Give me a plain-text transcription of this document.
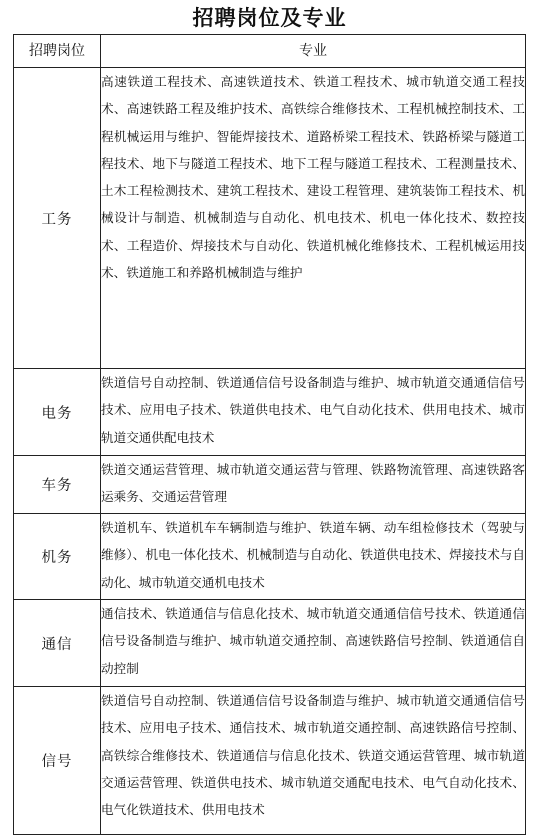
招聘岗位及专业
招聘岗位	专业
工务	高速铁道工程技术、高速铁道技术、铁道工程技术、城市轨道交通工程技术、高速铁路工程及维护技术、高铁综合维修技术、工程机械控制技术、工程机械运用与维护、智能焊接技术、道路桥梁工程技术、铁路桥梁与隧道工程技术、地下与隧道工程技术、地下工程与隧道工程技术、工程测量技术、土木工程检测技术、建筑工程技术、建设工程管理、建筑装饰工程技术、机械设计与制造、机械制造与自动化、机电技术、机电一体化技术、数控技术、工程造价、焊接技术与自动化、铁道机械化维修技术、工程机械运用技术、铁道施工和养路机械制造与维护
电务	铁道信号自动控制、铁道通信信号设备制造与维护、城市轨道交通通信信号技术、应用电子技术、铁道供电技术、电气自动化技术、供用电技术、城市轨道交通供配电技术
车务	铁道交通运营管理、城市轨道交通运营与管理、铁路物流管理、高速铁路客运乘务、交通运营管理
机务	铁道机车、铁道机车车辆制造与维护、铁道车辆、动车组检修技术（驾驶与维修）、机电一体化技术、机械制造与自动化、铁道供电技术、焊接技术与自动化、城市轨道交通机电技术
通信	通信技术、铁道通信与信息化技术、城市轨道交通通信信号技术、铁道通信信号设备制造与维护、城市轨道交通控制、高速铁路信号控制、铁道通信自动控制
信号	铁道信号自动控制、铁道通信信号设备制造与维护、城市轨道交通通信信号技术、应用电子技术、通信技术、城市轨道交通控制、高速铁路信号控制、高铁综合维修技术、铁道通信与信息化技术、铁道交通运营管理、城市轨道交通运营管理、铁道供电技术、城市轨道交通配电技术、电气自动化技术、电气化铁道技术、供用电技术
